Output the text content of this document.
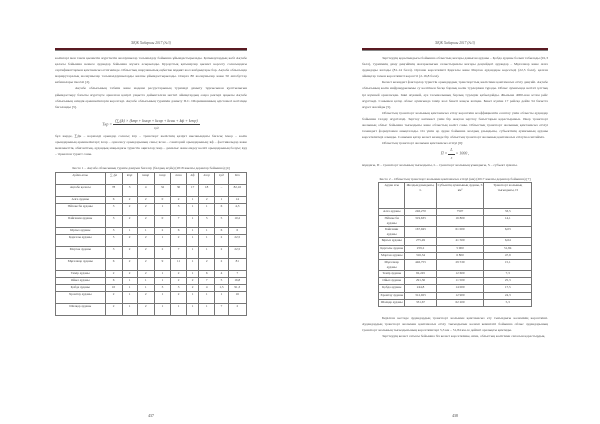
ХҚЖ Хабаршы 2017 (№3)

көліктері мен такси қызметін жүргізетін жолаушылар тасымалдау бойынша ұйымдастырылады. Қатынаулардың көбі Ақтөбе қаласы бойынша немесе аудандар бойынша жүзеге асырылады. Курорттық қатынаулар қызмет көрсету саласындағы сертификаттармен қамтамасыз етілгенінде. Облыстың шаруашылық еңбегіне мұқият жол жабдықтары бар. Ақтөбе облысында маршрутаралық жолаушылар тасымалдаушыларды жалпы ұйымдастырылады. Оларға 80 жолаушылар және 50 автобустар кабиналары тиесілі [2].

Ақтөбе облысының табиғи және мәдени ресурстарының туризмді дамыту тұрғысынан қуаттылығын ұйымдастыру бағыты жүргізуге арналған қазіргі уақытта дайынталған негізгі аймақтардың өзара ректері арқылы Ақтөбе облысының өзіндік ерекшеліктерін көрсетеді. Ақтөбе облысының туризмін дамыту П.С. Шорманиянның әдістемесі негізінде бағаланды [3].

Tкр = $\frac{\text{(∑ⱼfⱼk) × (kтр + kмор + kсар + kсан + kф + kжр)}}{\text{kуд}}$

бұл жерде, ∑ⱼfⱼk – нормалді орындар саласы; kтр – транспорт желісінің қазіргі нысанындағы бағасы; kмор – көлік орындарының ерекшеліктері; kсар – орналасу орындарының саны; kсан – санаторий орындарының; kф – фестивальдар және мемлекеттік, абиганттық, аудандық маңыздағы туристік оқиғалар; kжр – демалыс және емдеу көлігі орындарының болуы; kуд – тіркелген турист саны.

Кесте 1 – Ақтөбе облысының туризм дамуын бағалау (балдық жүйе) (2018 жылғы деректер бойынша) [4]
Аудан аты	∑ ⱼfⱼk	kтр	kмор	kсар	kсан	kф	kжр	kуд	Кm
Ақтөбе қаласы	78	3	4	32	30	17	18	–	82,16
Алға ауданы	6	2	2	0	2	1	2	1	14
Әйтеке би ауданы	3	2	2	1	3	1	1	6	4,3
Байғанин ауданы	3	2	2	0	7	1	5	5	10,2
Ырғыз ауданы	3	1	1	2	6	1	1	6	6
Қарғалы ауданы	5	2	2	1	2	1	1	2	22,5
Мартөк ауданы	3	2	2	2	7	1	1	2	22,5
Мұғалжар ауданы	6	2	2	9	11	1	2	2	81
Темір ауданы	2	2	2	1	2	1	6	4	7
Ойыл ауданы	6	1	1	1	2	2	7	5	16,8
Қобда ауданы	10	1	1	3	3	2	4	1,5	91,3
Хромтау ауданы	2	1	2	1	2	1	1	1	16
Шалқар ауданы	2	1	2	1	1	1	1	7	2
437
ХҚЖ Хабаршы 2017 (№3)

Зерттеудің қорытындысы бойынша облыстың жоғары дамыған ауданы – Қобда ауданы болып табылады (91,3 балл), туризмнің даму деңгейінің жоғарылығын салыстырмалы жоғары деңгейдегі аудандар – Мұғалжар және Алға аудандары жатады (81-14 балл). Орташа көрсеткішті Қарғалы және Мартөк аудандары көрсетеді (22,5 балл), қалған аймақтар төмен көрсеткішті көрсетті (2-16,8 балл).

Келесі кезеңдегі факторлар туристік орындардың транспорттық желісімен қамтамасыз етілу деңгейі. Ақтөбе облысының көлік инфрақұрылымы су көлігінен басқа барлық көлік түрлерінен тұрады. Облыс аумағында негізгі ұлттық ірі жүкшей орналасқан. Ішкі жүкшей, әуе тасымалының барлық түрлерін қабылдайды. Жылына 4000-нан астам рейс жүргізеді. Сонымен қатар облыс аумағында темір жол бекеті жақсы жатқан. Бекет күнiне 17 рейсқа дейін 34 бағытта жүрет жасайды [5].

Облыстың транспорт жолының қамтамасыз етілу көрсеткіш коэффициентін есептеу үшін облысты аудандар бойынша талдау жүргізілді. Зерттеу нәтижесі үшін бір жақтан зерттеу бағыттарын қарастырамыз. Өнер транспорт жолының облыс бойынша тығыздығы және облыстың көлігі саны. Облыстың транспорт жолының қамтамасыз етілуі төмендегі формуламен анықталады. Ол үшін әр аудан бойынша жолдың ұзындығы, субъектінің аумағының ауданы көрсеткіштері алынды. Сонымен қатар келесі кезеңде бір облыстың транспорт жолының қамтамасыз етілуін есептейміз.

Облыстың транспорт жолымен қамтамасыз етілуі [6]:

$П = \frac{L}{S} \times 1000$ ,

мұндағы, П – транспорт жолының тығыздығы, L – транспорт жолының ұзындығы, S – субъект аумағы.

Кесте 2 – Облыстың транспорт жолымен қамтамасыз етілуі (км) (2017 жылғы деректер бойынша) [7]
Аудан аты	Жолдың ұзындығы, L	Субъектің аумағының ауданы, S км²	Транспорт жолының тығыздығы, П
Алға ауданы	246,270	7507	33,5
Әйтеке би ауданы	319,635	16 800	14,1
Байғанин ауданы	167,945	61 000	6,03
Ырғыз ауданы	275,49	41 500	6,64
Қарғалы ауданы	259,2	5 000	51,84
Мартөк ауданы	316,34	6 800	47,9
Мұғалжар ауданы	446,755	29 530	15,1
Темір ауданы	92,245	12 600	7,3
Ойыл ауданы	291,36	11 500	25,3
Қобда ауданы	244,8	14 000	17,5
Хромтау ауданы	312,925	12 900	24,3
Шалқар ауданы	331,67	62 200	5,3

Берілген кестеде аудандардың транспорт жолымен қамтамасыз ету тығыздығы көлемінің көрсеткіші. Аудандардың транспорт жолымен қамтамасыз етілу тығыздығын көлемі кемшілігі бойынша облыс аудандарының транспорт жолының тығыздығының көрсеткіштері 5,3 км – 51,84 км-ге дейінгі аралықты қамтиды.

Зерттеудің келесі сатысы бойынша біз келесі көрсеткішке, яғни, облыстың көлігімен сапасын қарастырдық.

438
